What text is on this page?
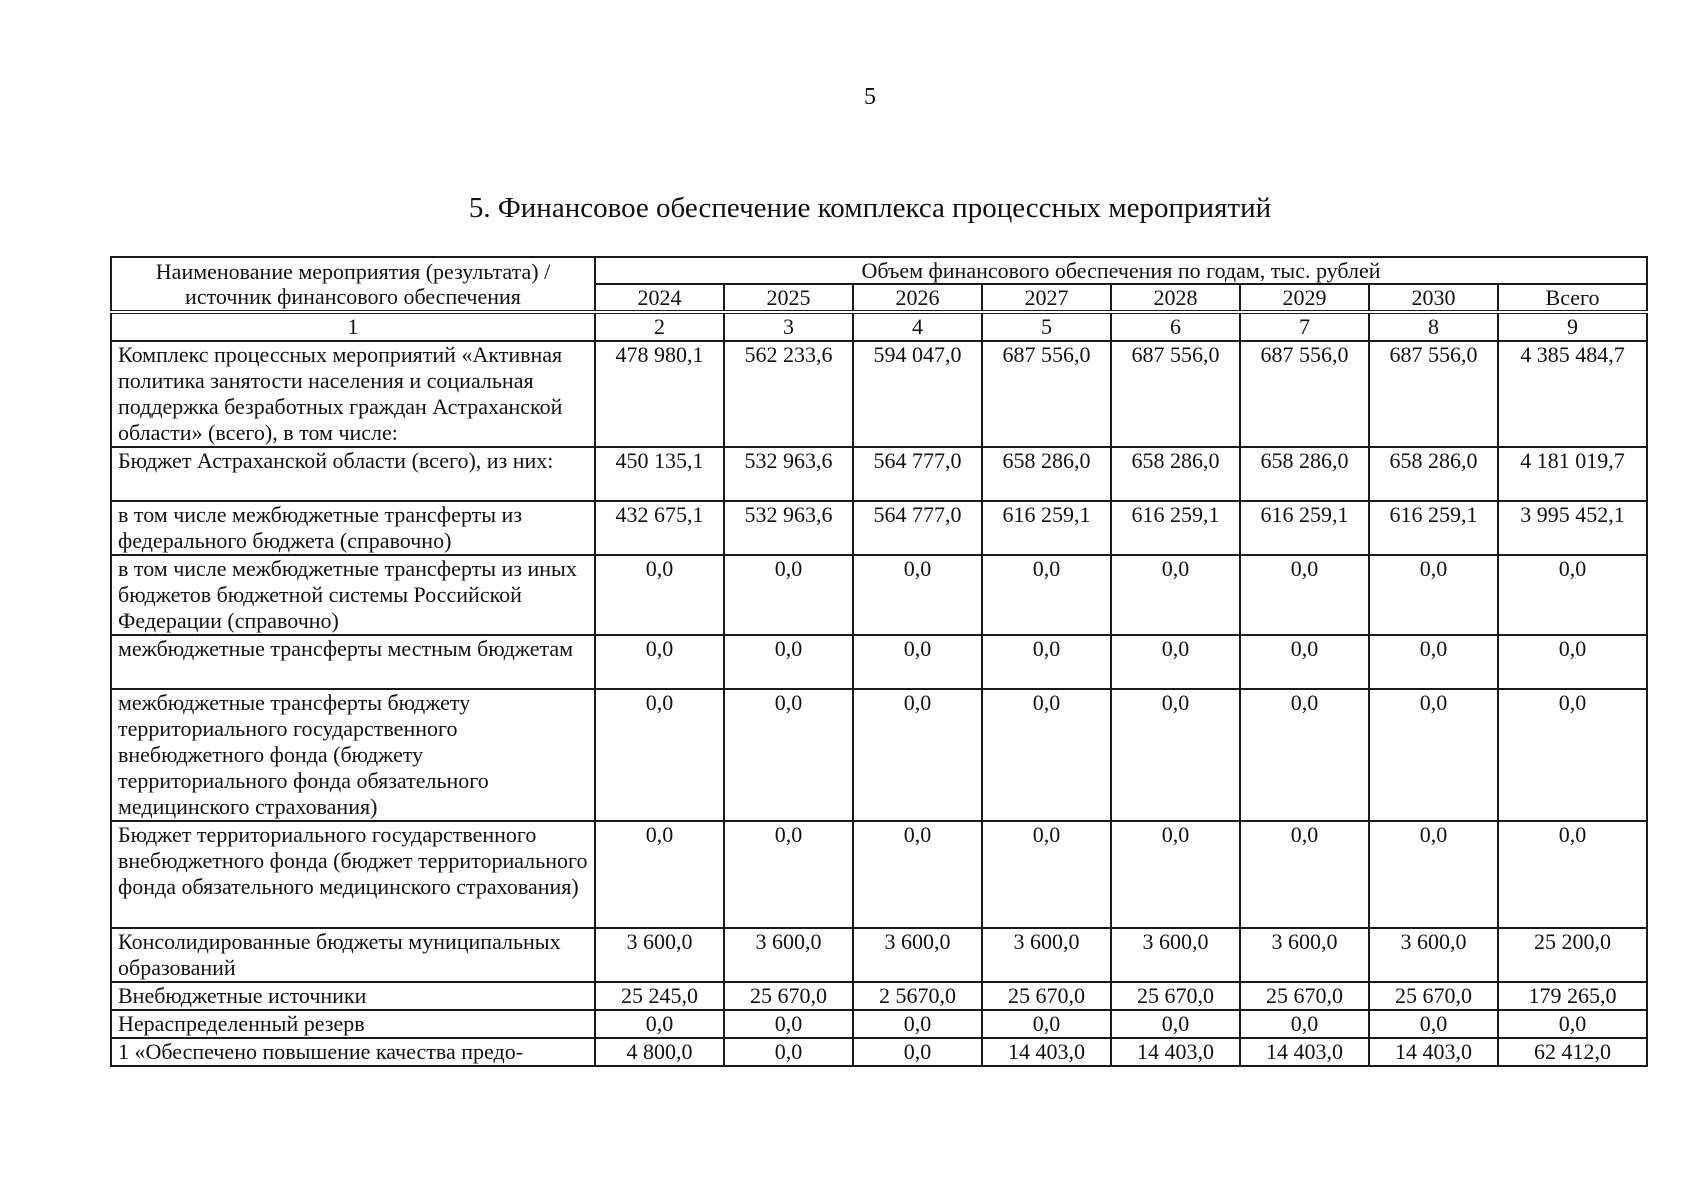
5
5. Финансовое обеспечение комплекса процессных мероприятий
Наименование мероприятия (результата) / источник финансового обеспечения	Объем финансового обеспечения по годам, тыс. рублей							
	2024	2025	2026	2027	2028	2029	2030	Всего
1	2	3	4	5	6	7	8	9
Комплекс процессных мероприятий «Активная политика занятости населения и социальная поддержка безработных граждан Астраханской области» (всего), в том числе:	478 980,1	562 233,6	594 047,0	687 556,0	687 556,0	687 556,0	687 556,0	4 385 484,7
Бюджет Астраханской области (всего), из них:	450 135,1	532 963,6	564 777,0	658 286,0	658 286,0	658 286,0	658 286,0	4 181 019,7
в том числе межбюджетные трансферты из федерального бюджета (справочно)	432 675,1	532 963,6	564 777,0	616 259,1	616 259,1	616 259,1	616 259,1	3 995 452,1
в том числе межбюджетные трансферты из иных бюджетов бюджетной системы Российской Федерации (справочно)	0,0	0,0	0,0	0,0	0,0	0,0	0,0	0,0
межбюджетные трансферты местным бюджетам	0,0	0,0	0,0	0,0	0,0	0,0	0,0	0,0
межбюджетные трансферты бюджету территориального государственного внебюджетного фонда (бюджету территориального фонда обязательного медицинского страхования)	0,0	0,0	0,0	0,0	0,0	0,0	0,0	0,0
Бюджет территориального государственного внебюджетного фонда (бюджет территориального фонда обязательного медицинского страхования)	0,0	0,0	0,0	0,0	0,0	0,0	0,0	0,0
Консолидированные бюджеты муниципальных образований	3 600,0	3 600,0	3 600,0	3 600,0	3 600,0	3 600,0	3 600,0	25 200,0
Внебюджетные источники	25 245,0	25 670,0	2 5670,0	25 670,0	25 670,0	25 670,0	25 670,0	179 265,0
Нераспределенный резерв	0,0	0,0	0,0	0,0	0,0	0,0	0,0	0,0
1 «Обеспечено повышение качества предо-	4 800,0	0,0	0,0	14 403,0	14 403,0	14 403,0	14 403,0	62 412,0
